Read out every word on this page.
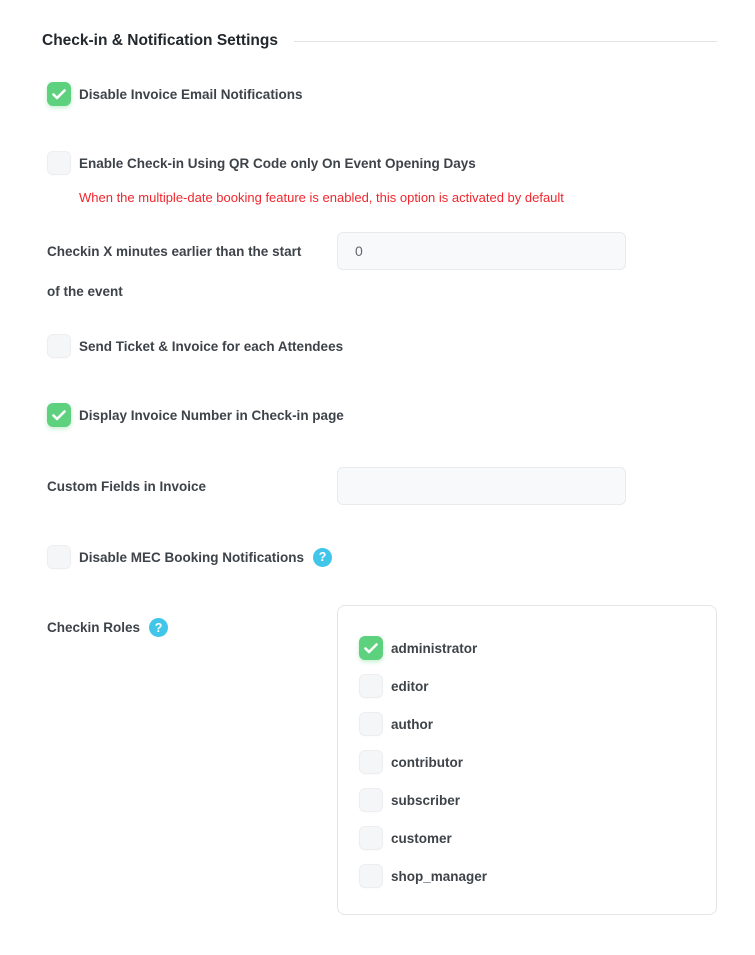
Check-in & Notification Settings
Disable Invoice Email Notifications
Enable Check-in Using QR Code only On Event Opening Days
When the multiple-date booking feature is enabled, this option is activated by default
Checkin X minutes earlier than the start of the event
0
Send Ticket & Invoice for each Attendees
Display Invoice Number in Check-in page
Custom Fields in Invoice
Disable MEC Booking Notifications	?
Checkin Roles	?
administrator
editor
author
contributor
subscriber
customer
shop_manager
